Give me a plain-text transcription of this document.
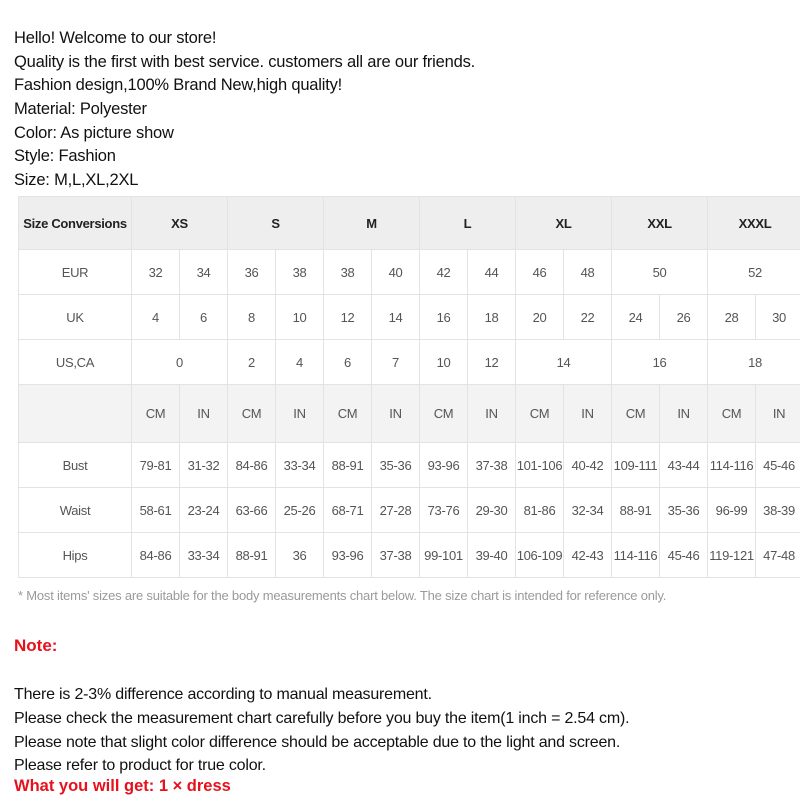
Hello! Welcome to our store!
Quality is the first with best service. customers all are our friends.
Fashion design,100% Brand New,high quality!
Material: Polyester
Color: As picture show
Style: Fashion
Size: M,L,XL,2XL
Size Conversions	XS		S		M		L		XL		XXL		XXXL	
EUR	32	34	36	38	38	40	42	44	46	48	50		52	
UK	4	6	8	10	12	14	16	18	20	22	24	26	28	30
US,CA	0		2	4	6	7	10	12	14		16		18	
	CM	IN	CM	IN	CM	IN	CM	IN	CM	IN	CM	IN	CM	IN
Bust	79-81	31-32	84-86	33-34	88-91	35-36	93-96	37-38	101-106	40-42	109-111	43-44	114-116	45-46
Waist	58-61	23-24	63-66	25-26	68-71	27-28	73-76	29-30	81-86	32-34	88-91	35-36	96-99	38-39
Hips	84-86	33-34	88-91	36	93-96	37-38	99-101	39-40	106-109	42-43	114-116	45-46	119-121	47-48
* Most items' sizes are suitable for the body measurements chart below. The size chart is intended for reference only.
Note:
There is 2-3% difference according to manual measurement.
Please check the measurement chart carefully before you buy the item(1 inch = 2.54 cm).
Please note that slight color difference should be acceptable due to the light and screen.
Please refer to product for true color.
What you will get: 1 × dress
